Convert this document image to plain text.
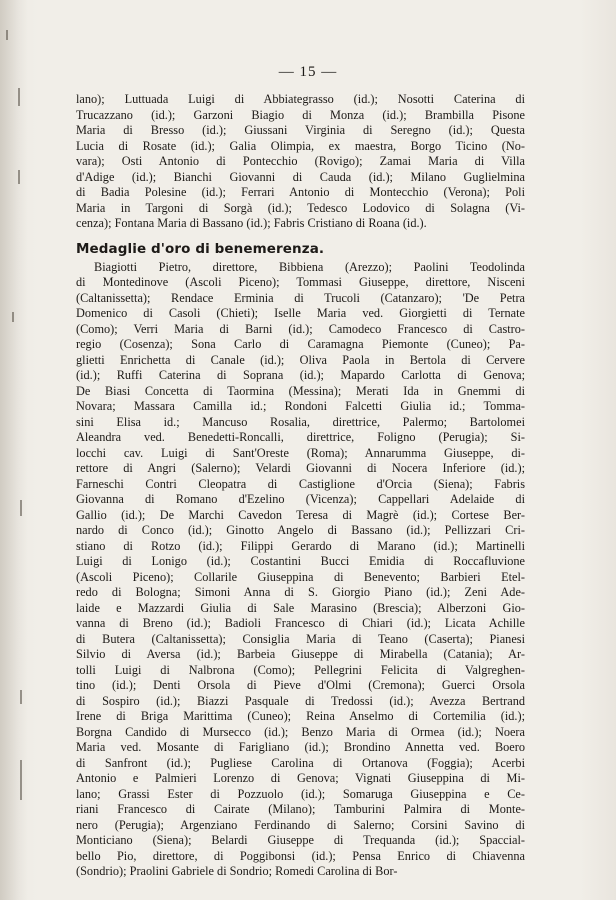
— 15 —
lano); Luttuada Luigi di Abbiategrasso (id.); Nosotti Caterina di
Trucazzano (id.); Garzoni Biagio di Monza (id.); Brambilla Pisone
Maria di Bresso (id.); Giussani Virginia di Seregno (id.); Questa
Lucia di Rosate (id.); Galia Olimpia, ex maestra, Borgo Ticino (No-
vara); Osti Antonio di Pontecchio (Rovigo); Zamai Maria di Villa
d'Adige (id.); Bianchi Giovanni di Cauda (id.); Milano Guglielmina
di Badia Polesine (id.); Ferrari Antonio di Montecchio (Verona); Poli
Maria in Targoni di Sorgà (id.); Tedesco Lodovico di Solagna (Vi-
cenza); Fontana Maria di Bassano (id.); Fabris Cristiano di Roana (id.).
Medaglie d'oro di benemerenza.
Biagiotti Pietro, direttore, Bibbiena (Arezzo); Paolini Teodolinda
di Montedinove (Ascoli Piceno); Tommasi Giuseppe, direttore, Nisceni
(Caltanissetta); Rendace Erminia di Trucoli (Catanzaro); 'De Petra
Domenico di Casoli (Chieti); Iselle Maria ved. Giorgietti di Ternate
(Como); Verri Maria di Barni (id.); Camodeco Francesco di Castro-
regio (Cosenza); Sona Carlo di Caramagna Piemonte (Cuneo); Pa-
glietti Enrichetta di Canale (id.); Oliva Paola in Bertola di Cervere
(id.); Ruffi Caterina di Soprana (id.); Mapardo Carlotta di Genova;
De Biasi Concetta di Taormina (Messina); Merati Ida in Gnemmi di
Novara; Massara Camilla id.; Rondoni Falcetti Giulia id.; Tomma-
sini Elisa id.; Mancuso Rosalia, direttrice, Palermo; Bartolomei
Aleandra ved. Benedetti-Roncalli, direttrice, Foligno (Perugia); Si-
locchi cav. Luigi di Sant'Oreste (Roma); Annarumma Giuseppe, di-
rettore di Angri (Salerno); Velardi Giovanni di Nocera Inferiore (id.);
Farneschi Contri Cleopatra di Castiglione d'Orcia (Siena); Fabris
Giovanna di Romano d'Ezelino (Vicenza); Cappellari Adelaide di
Gallio (id.); De Marchi Cavedon Teresa di Magrè (id.); Cortese Ber-
nardo di Conco (id.); Ginotto Angelo di Bassano (id.); Pellizzari Cri-
stiano di Rotzo (id.); Filippi Gerardo di Marano (id.); Martinelli
Luigi di Lonigo (id.); Costantini Bucci Emidia di Roccafluvione
(Ascoli Piceno); Collarile Giuseppina di Benevento; Barbieri Etel-
redo di Bologna; Simoni Anna di S. Giorgio Piano (id.); Zeni Ade-
laide e Mazzardi Giulia di Sale Marasino (Brescia); Alberzoni Gio-
vanna di Breno (id.); Badioli Francesco di Chiari (id.); Licata Achille
di Butera (Caltanissetta); Consiglia Maria di Teano (Caserta); Pianesi
Silvio di Aversa (id.); Barbeia Giuseppe di Mirabella (Catania); Ar-
tolli Luigi di Nalbrona (Como); Pellegrini Felicita di Valgreghen-
tino (id.); Denti Orsola di Pieve d'Olmi (Cremona); Guerci Orsola
di Sospiro (id.); Biazzi Pasquale di Tredossi (id.); Avezza Bertrand
Irene di Briga Marittima (Cuneo); Reina Anselmo di Cortemilia (id.);
Borgna Candido di Mursecco (id.); Benzo Maria di Ormea (id.); Noera
Maria ved. Mosante di Farigliano (id.); Brondino Annetta ved. Boero
di Sanfront (id.); Pugliese Carolina di Ortanova (Foggia); Acerbi
Antonio e Palmieri Lorenzo di Genova; Vignati Giuseppina di Mi-
lano; Grassi Ester di Pozzuolo (id.); Somaruga Giuseppina e Ce-
riani Francesco di Cairate (Milano); Tamburini Palmira di Monte-
nero (Perugia); Argenziano Ferdinando di Salerno; Corsini Savino di
Monticiano (Siena); Belardi Giuseppe di Trequanda (id.); Spaccial-
bello Pio, direttore, di Poggibonsi (id.); Pensa Enrico di Chiavenna
(Sondrio); Praolini Gabriele di Sondrio; Romedi Carolina di Bor-
